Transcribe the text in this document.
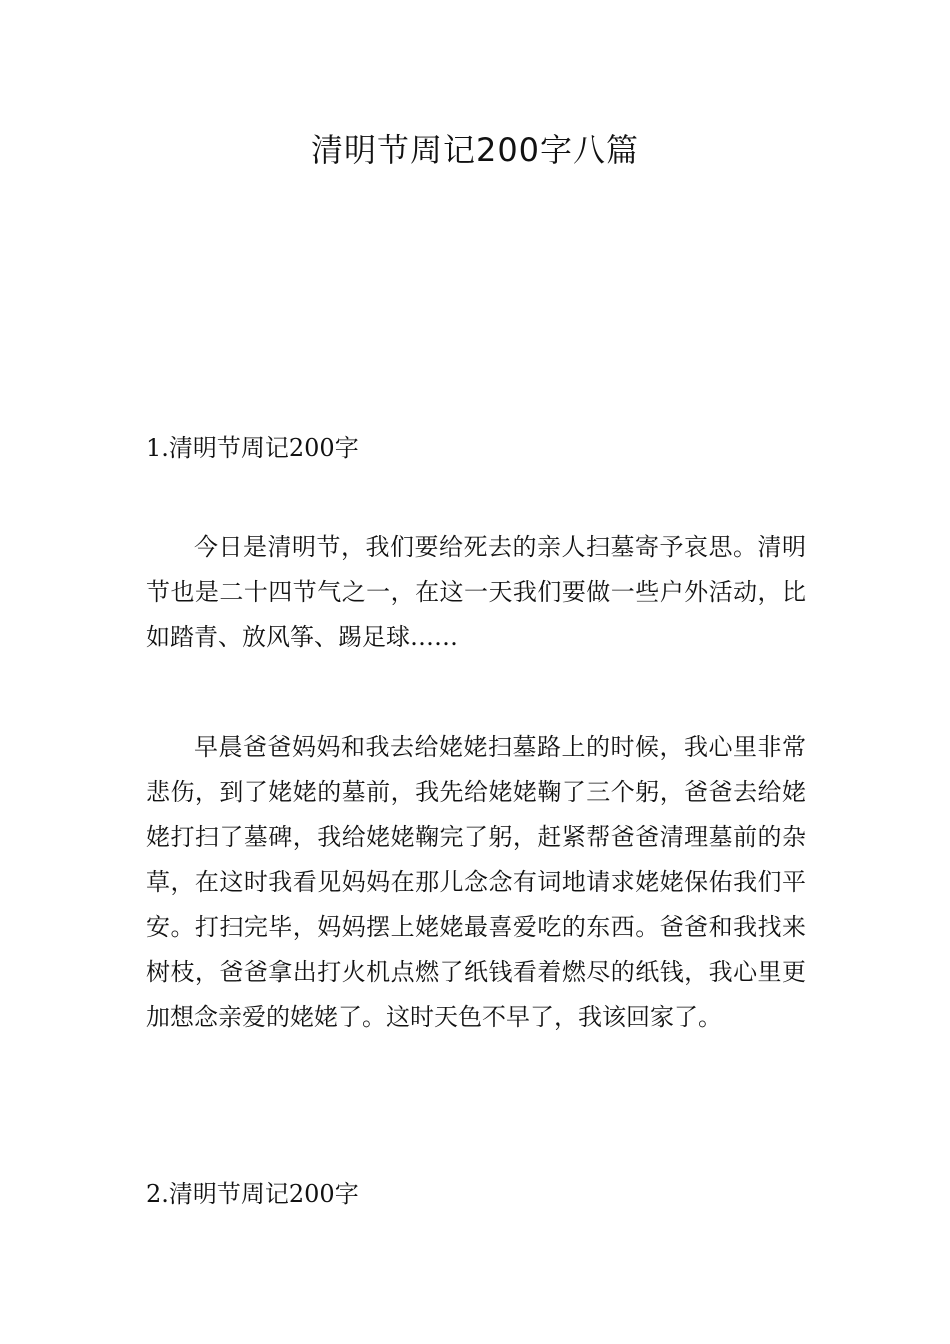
清明节周记200字八篇
1.清明节周记200字

今日是清明节，我们要给死去的亲人扫墓寄予哀思。清明节也是二十四节气之一，在这一天我们要做一些户外活动，比如踏青、放风筝、踢足球……

早晨爸爸妈妈和我去给姥姥扫墓路上的时候，我心里非常悲伤，到了姥姥的墓前，我先给姥姥鞠了三个躬，爸爸去给姥姥打扫了墓碑，我给姥姥鞠完了躬，赶紧帮爸爸清理墓前的杂草，在这时我看见妈妈在那儿念念有词地请求姥姥保佑我们平安。打扫完毕，妈妈摆上姥姥最喜爱吃的东西。爸爸和我找来树枝，爸爸拿出打火机点燃了纸钱看着燃尽的纸钱，我心里更加想念亲爱的姥姥了。这时天色不早了，我该回家了。

2.清明节周记200字
